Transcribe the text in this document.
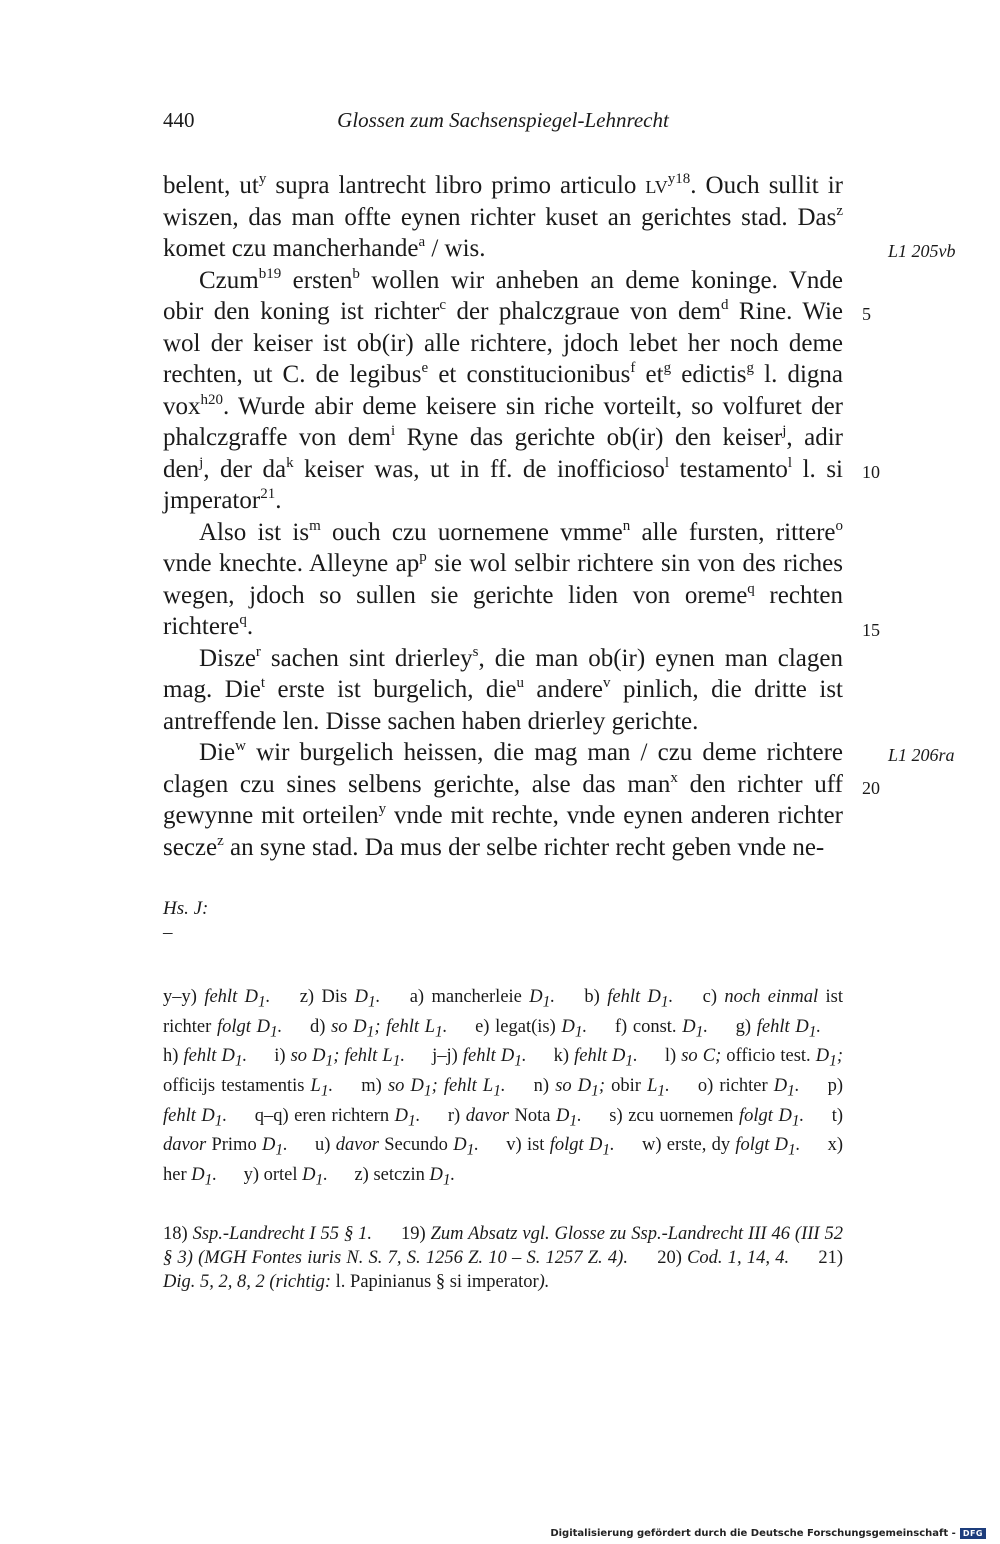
440	Glossen zum Sachsenspiegel-Lehnrecht

belent, $ut^y$ supra lantrecht libro primo articulo $lv^{y18}$. Ouch sullit ir wiszen, das man offte eynen richter kuset an gerichtes stad. Das$^z$ komet czu mancherhande$^a$ / wis.

Czum$^{b19}$ ersten$^b$ wollen wir anheben an deme koninge. Vnde obir den koning ist richter$^c$ der phalczgraue von dem$^d$ Rine. Wie wol der keiser ist ob(ir) alle richtere, jdoch lebet her noch deme rechten, ut C. de legibus$^e$ et constitucionibus$^f$ $et^g$ edictis$^g$ l. digna vox$^{h20}$. Wurde abir deme keisere sin riche vorteilt, so volfuret der phalczgraffe von dem$^i$ Ryne das gerichte ob(ir) den keiser$^j$, adir den$^j$, der $da^k$ keiser was, ut in ff. de inofficioso$^l$ testamento$^l$ l. si jmperator$^{21}$.

Also ist $is^m$ ouch czu uornemene vmme$^n$ alle fursten, rittere$^o$ vnde knechte. Alleyne $ap^p$ sie wol selbir richtere sin von des riches wegen, jdoch so sullen sie gerichte liden von oreme$^q$ rechten richtere$^q$.

Disze$^r$ sachen sint drierley$^s$, die man ob(ir) eynen man clagen mag. Die$^t$ erste ist burgelich, die$^u$ andere$^v$ pinlich, die dritte ist antreffende len. Disse sachen haben drierley gerichte.

Die$^w$ wir burgelich heissen, die mag man / czu deme richtere clagen czu sines selbens gerichte, alse das man$^x$ den richter uff gewynne mit orteilen$^y$ vnde mit rechte, vnde eynen anderen richter secze$^z$ an syne stad. Da mus der selbe richter recht geben vnde ne-

L1 205vb
L1 206ra
5
10
15
20
Hs. J:
–
y–y) fehlt $D_1$. z) Dis $D_1$. a) mancherleie $D_1$. b) fehlt $D_1$. c) noch einmal ist richter folgt $D_1$. d) so $D_1$; fehlt $L_1$. e) legat(is) $D_1$. f) const. $D_1$. g) fehlt $D_1$. h) fehlt $D_1$. i) so $D_1$; fehlt $L_1$. j–j) fehlt $D_1$. k) fehlt $D_1$. l) so C; officio test. $D_1$; officijs testamentis $L_1$. m) so $D_1$; fehlt $L_1$. n) so $D_1$; obir $L_1$. o) richter $D_1$. p) fehlt $D_1$. q–q) eren richtern $D_1$. r) davor Nota $D_1$. s) zcu uornemen folgt $D_1$. t) davor Primo $D_1$. u) davor Secundo $D_1$. v) ist folgt $D_1$. w) erste, dy folgt $D_1$. x) her $D_1$. y) ortel $D_1$. z) setczin $D_1$.
18) Ssp.-Landrecht I 55 § 1. 19) Zum Absatz vgl. Glosse zu Ssp.-Landrecht III 46 (III 52 § 3) (MGH Fontes iuris N. S. 7, S. 1256 Z. 10 – S. 1257 Z. 4). 20) Cod. 1, 14, 4. 21) Dig. 5, 2, 8, 2 (richtig: l. Papinianus § si imperator).
Digitalisierung gefördert durch die Deutsche Forschungsgemeinschaft - DFG
